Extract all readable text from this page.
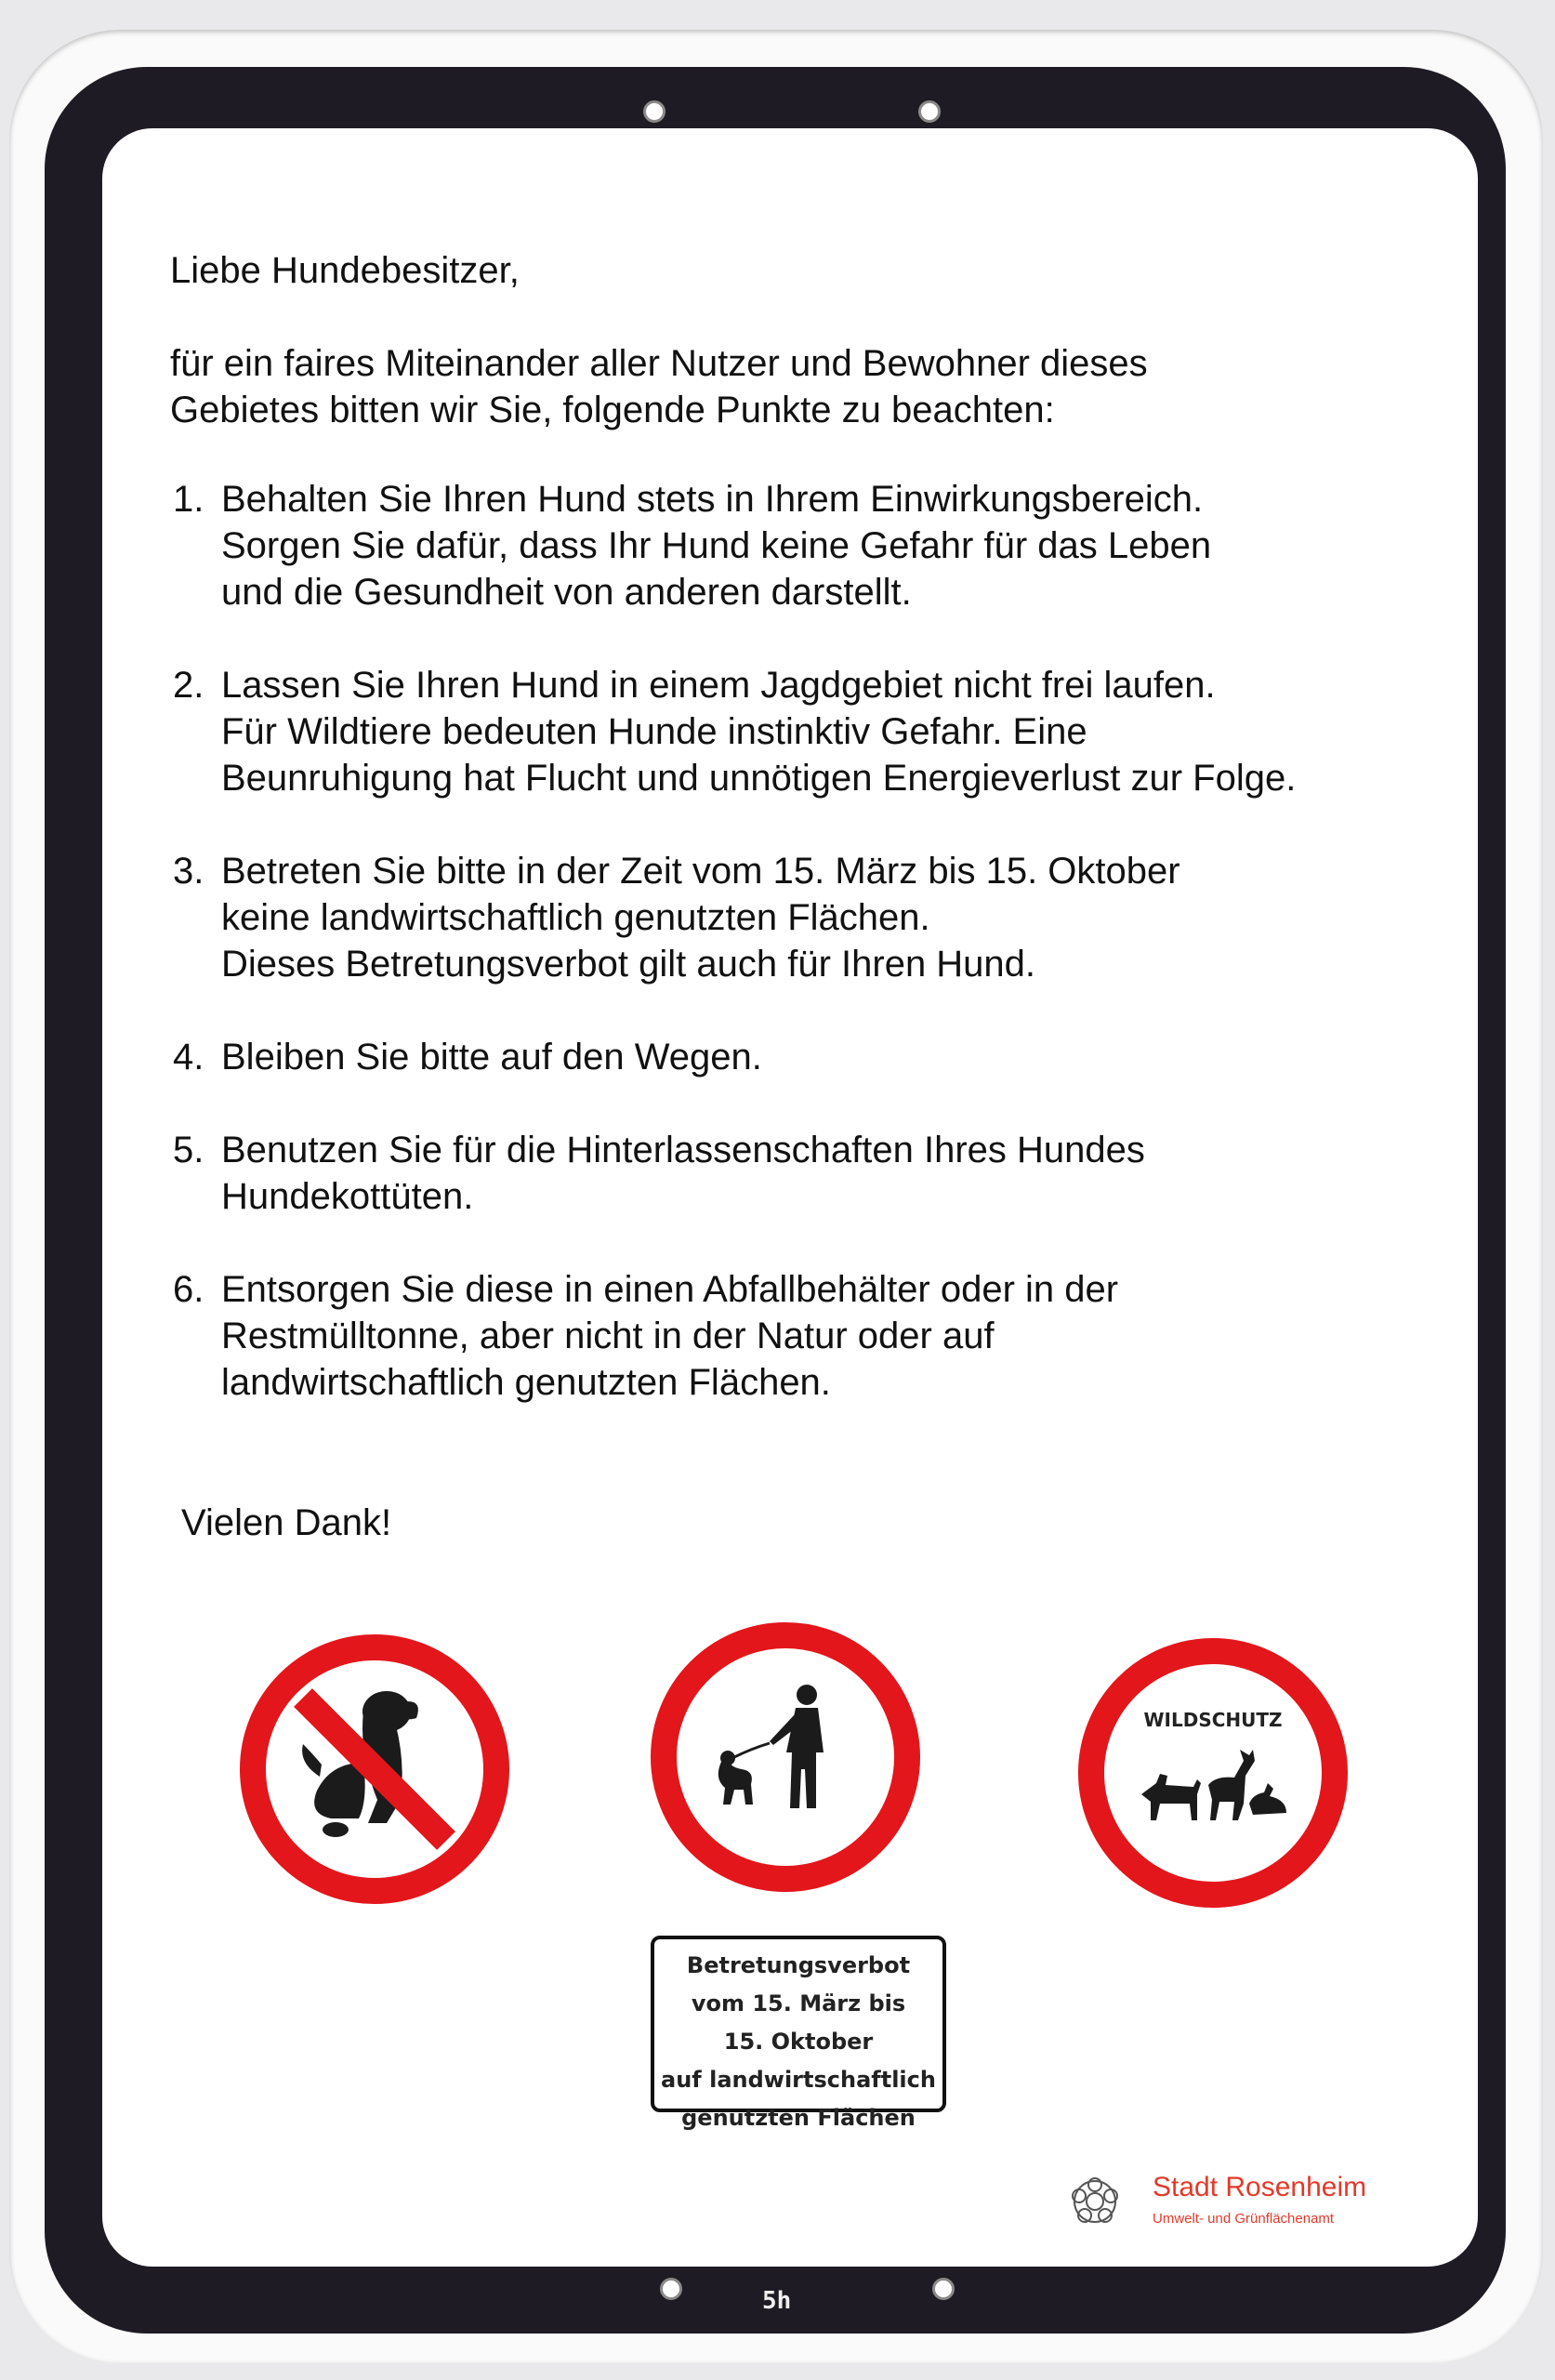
Liebe Hundebesitzer,
für ein faires Miteinander aller Nutzer und Bewohner dieses
Gebietes bitten wir Sie, folgende Punkte zu beachten:
1. Behalten Sie Ihren Hund stets in Ihrem Einwirkungsbereich.
Sorgen Sie dafür, dass Ihr Hund keine Gefahr für das Leben
und die Gesundheit von anderen darstellt.
2. Lassen Sie Ihren Hund in einem Jagdgebiet nicht frei laufen.
Für Wildtiere bedeuten Hunde instinktiv Gefahr. Eine
Beunruhigung hat Flucht und unnötigen Energieverlust zur Folge.
3. Betreten Sie bitte in der Zeit vom 15. März bis 15. Oktober
keine landwirtschaftlich genutzten Flächen.
Dieses Betretungsverbot gilt auch für Ihren Hund.
4. Bleiben Sie bitte auf den Wegen.
5. Benutzen Sie für die Hinterlassenschaften Ihres Hundes
Hundekottüten.
6. Entsorgen Sie diese in einen Abfallbehälter oder in der
Restmülltonne, aber nicht in der Natur oder auf
landwirtschaftlich genutzten Flächen.
Vielen Dank!
WILDSCHUTZ
Betretungsverbot
vom 15. März bis
15. Oktober
auf landwirtschaftlich
genutzten Flächen
Stadt Rosenheim
Umwelt- und Grünflächenamt
5h
